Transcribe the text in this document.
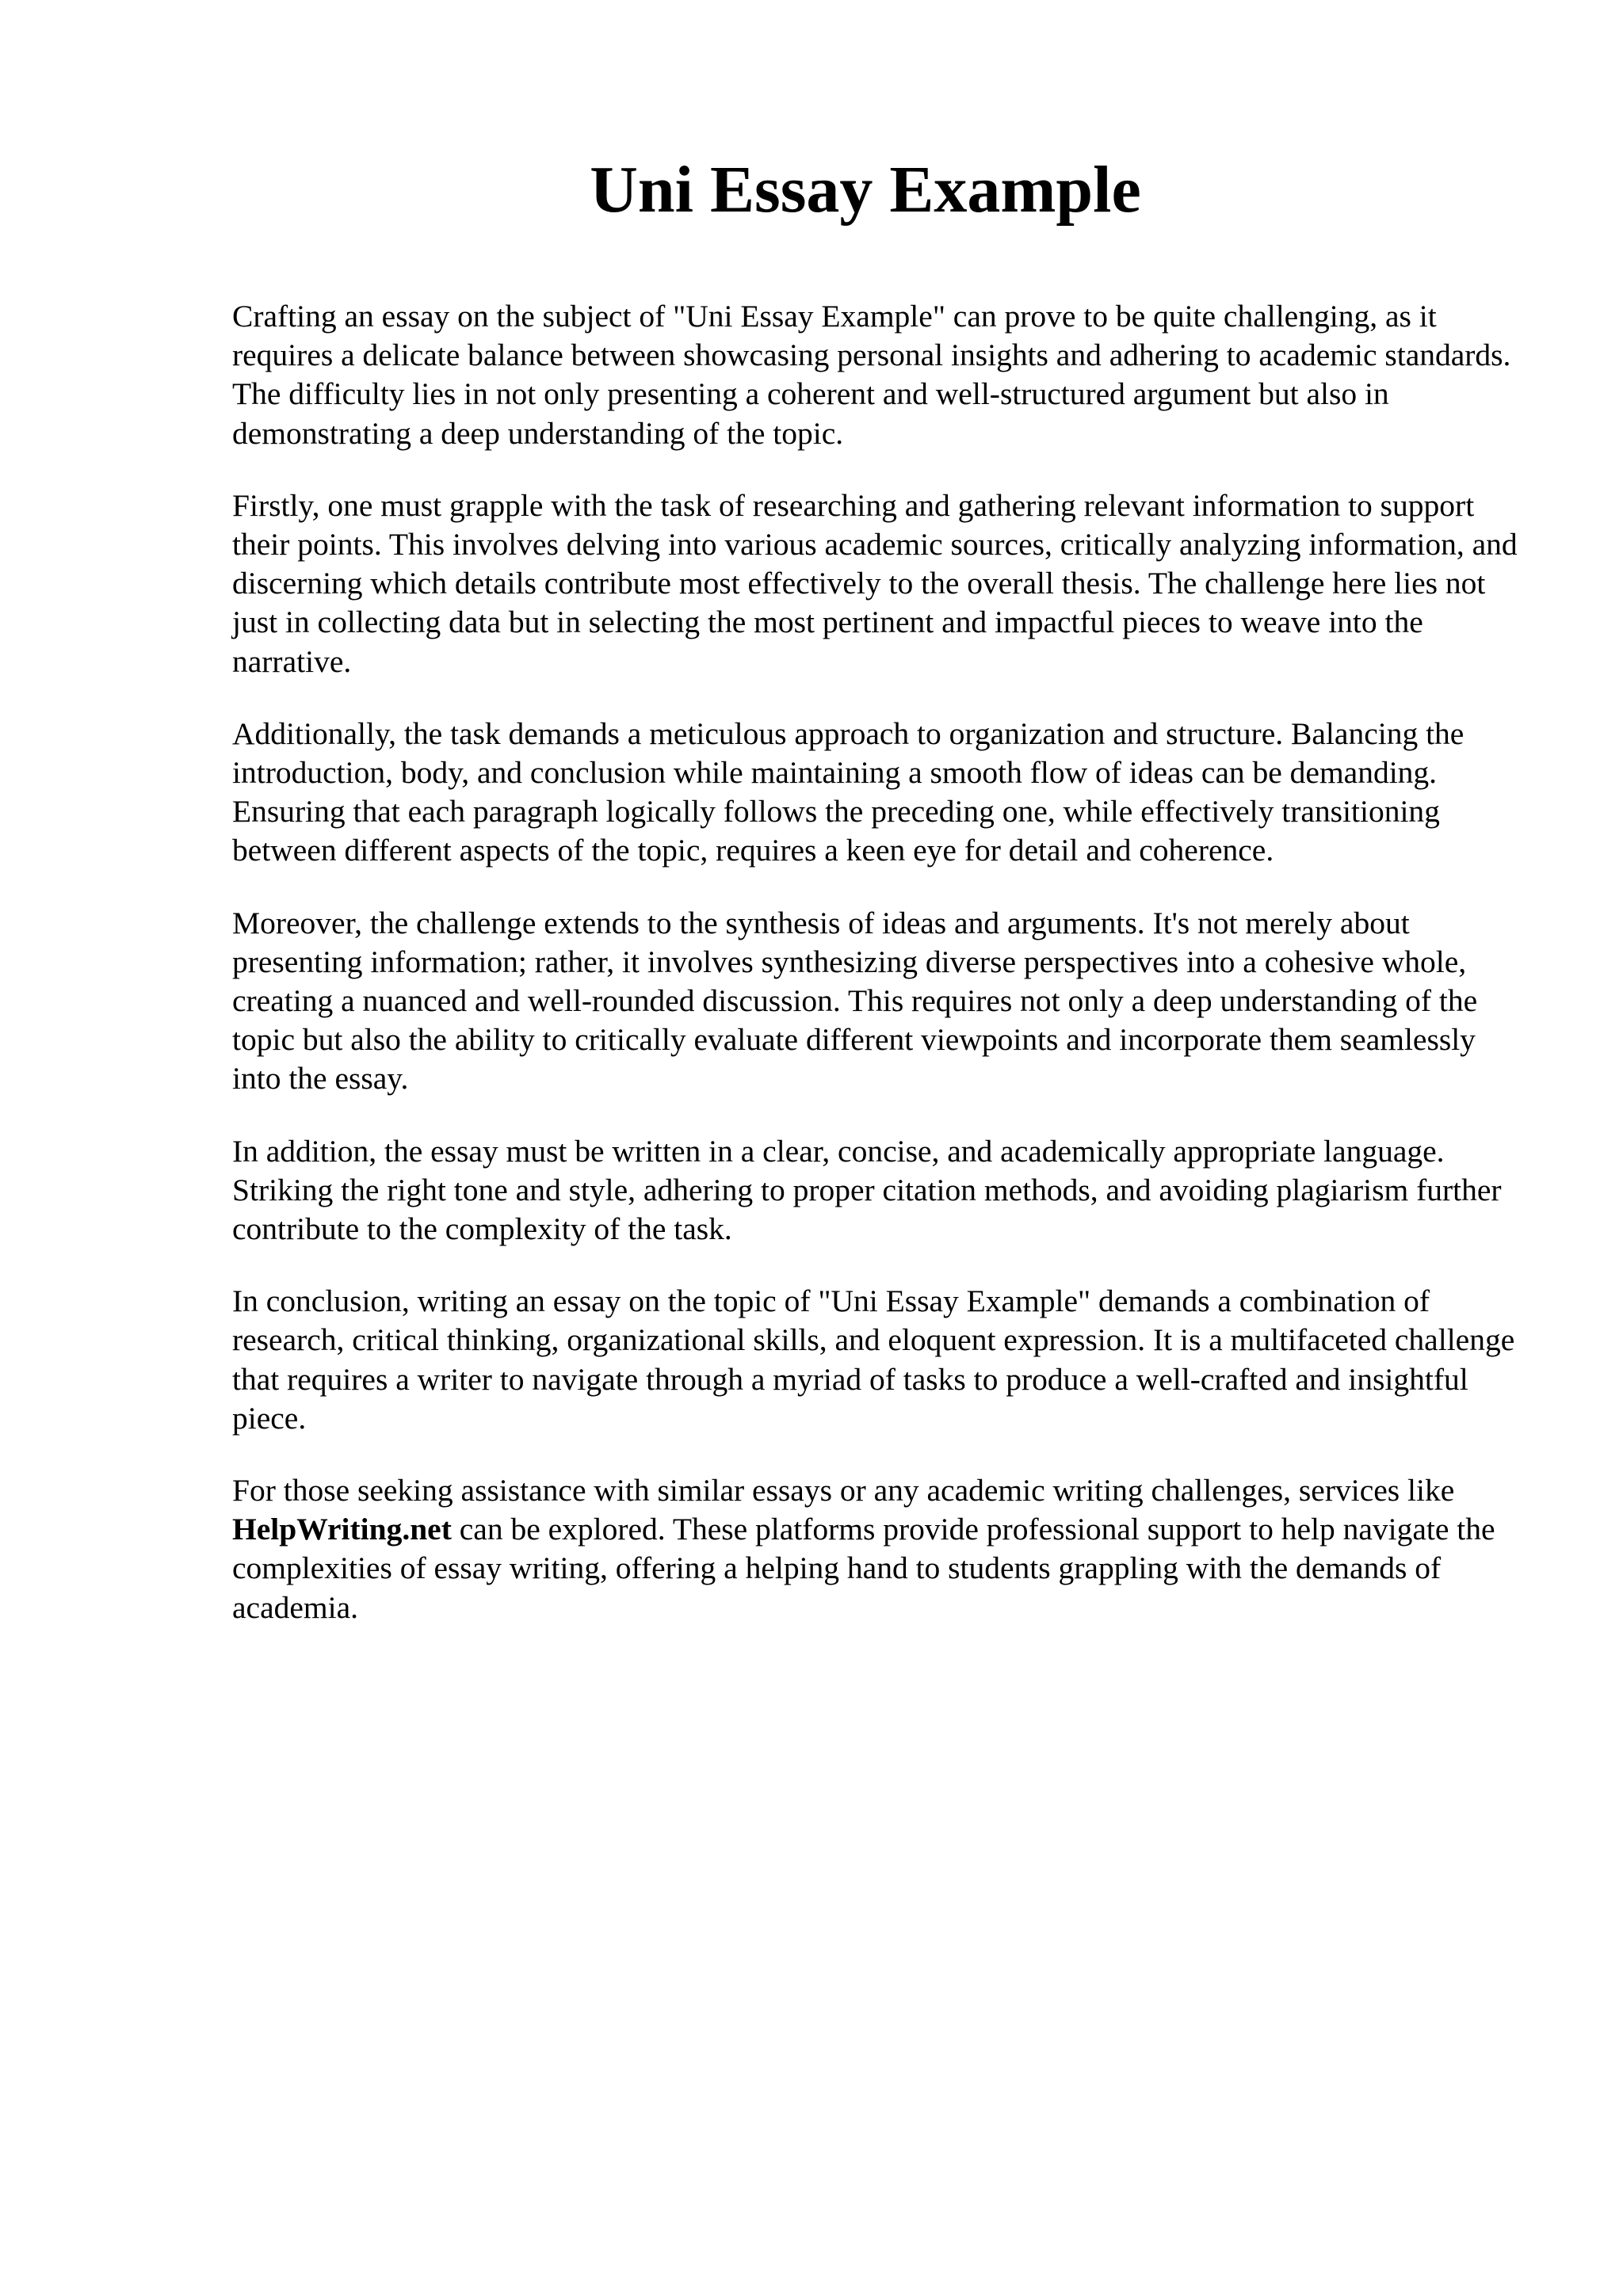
Uni Essay Example

Crafting an essay on the subject of "Uni Essay Example" can prove to be quite challenging, as it requires a delicate balance between showcasing personal insights and adhering to academic standards. The difficulty lies in not only presenting a coherent and well-structured argument but also in demonstrating a deep understanding of the topic.

Firstly, one must grapple with the task of researching and gathering relevant information to support their points. This involves delving into various academic sources, critically analyzing information, and discerning which details contribute most effectively to the overall thesis. The challenge here lies not just in collecting data but in selecting the most pertinent and impactful pieces to weave into the narrative.

Additionally, the task demands a meticulous approach to organization and structure. Balancing the introduction, body, and conclusion while maintaining a smooth flow of ideas can be demanding. Ensuring that each paragraph logically follows the preceding one, while effectively transitioning between different aspects of the topic, requires a keen eye for detail and coherence.

Moreover, the challenge extends to the synthesis of ideas and arguments. It's not merely about presenting information; rather, it involves synthesizing diverse perspectives into a cohesive whole, creating a nuanced and well-rounded discussion. This requires not only a deep understanding of the topic but also the ability to critically evaluate different viewpoints and incorporate them seamlessly into the essay.

In addition, the essay must be written in a clear, concise, and academically appropriate language. Striking the right tone and style, adhering to proper citation methods, and avoiding plagiarism further contribute to the complexity of the task.

In conclusion, writing an essay on the topic of "Uni Essay Example" demands a combination of research, critical thinking, organizational skills, and eloquent expression. It is a multifaceted challenge that requires a writer to navigate through a myriad of tasks to produce a well-crafted and insightful piece.

For those seeking assistance with similar essays or any academic writing challenges, services like HelpWriting.net can be explored. These platforms provide professional support to help navigate the complexities of essay writing, offering a helping hand to students grappling with the demands of academia.
